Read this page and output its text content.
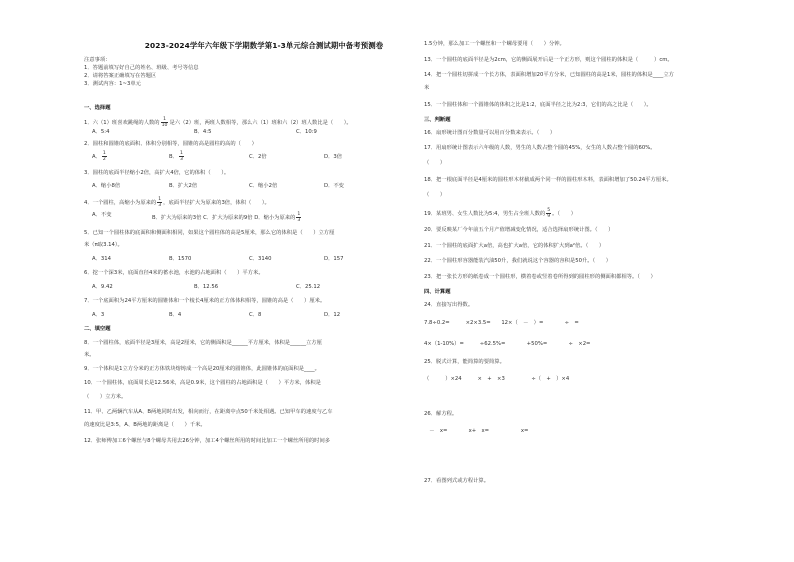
2023-2024学年六年级下学期数学第1-3单元综合测试期中备考预测卷
注意事项：
1．答题前填写好自己的姓名、班级、考号等信息
2．请将答案正确填写在答题区
3．测试内容：1~3单元
一、选择题
1．六（1）班喜欢跳绳的人数的 $\frac{1}{10}$ 是六（2）班，两班人数相等，那么六（1）班和六（2）班人数比是（　　）。
A．5:4	B．4:5	C．10:9
2．圆柱和圆锥的底面积、体积分别相等，圆锥的高是圆柱的高的（　　）
A． $\frac{1}{2}$	B． $\frac{1}{3}$	C．2倍	D．3倍
3．圆柱的底面半径缩小2倍，高扩大4倍，它的体积（　　）。
A．缩小8倍	B．扩大2倍	C．缩小2倍	D．不变
4．一个圆柱，高缩小为原来的 $\frac{1}{3}$ ，底面半径扩大为原来的3倍，体积（　　）。
A．不变	B．扩大为原来的3倍 C．扩大为原来的9倍 D．缩小为原来的 $\frac{1}{3}$
5．已知一个圆柱体的底面积和侧面积相同，如果这个圆柱体的高是5厘米，那么它的体积是（　　）立方厘
米（π取3.14）。
A．314	B．1570	C．3140	D．157
6．挖一个深3米，底面直径4米的蓄水池，水池的占地面积（　　）平方米。
A．9.42	B．12.56	C．25.12
7．一个底面积为24平方厘米的圆锥体和一个棱长4厘米的正方体体积相等，圆锥的高是（　　）厘米。
A．3	B．4	C．8	D．12
二、填空题
8．一个圆柱体，底面半径是3厘米，高是2厘米，它的侧面积是______平方厘米，体积是______立方厘
米。
9．一个体积是1立方分米的正方体铁块熔铸成一个高是20厘米的圆锥体，此圆锥体的底面积是____。
10．一个圆柱体，底面周长是12.56米，高是0.9米，这个圆柱的占地面积是（　　）平方米，体积是
（　　）立方米。
11．甲、乙两辆汽车从A、B两地同时出发，相向而行，在距离中点50千米处相遇。已知甲车的速度与乙车
的速度比是3:5，A、B两地的距离是（　　）千米。
12．张师傅加工6个螺丝与8个螺母共用去26分钟，加工4个螺丝所用的时间比加工一个螺丝所用的时间多
1.5分钟，那么加工一个螺丝和一个螺母要用（　　）分钟。
13．一个圆柱的底面半径是为2cm，它的侧面展开后是一个正方形，则这个圆柱的体积是（　　　）cm。
14．把一个圆柱切拼成一个长方体，表面积增加20平方分米，已知圆柱的高是1米，圆柱的体积是____立方
米
15．一个圆柱体和一个圆锥体的体积之比是1:2，底面半径之比为2:3，它们的高之比是（　　）。
三、判断题
16．扇形统计图百分数量可以用百分数来表示。（　　）
17．用扇形统计图表示六年级的人数，男生的人数占整个圆的45%，女生的人数占整个圆的60%。
（　　）
18．把一根底面半径是4厘米的圆柱形木材截成两个同一样的圆柱形木料，表面积增加了50.24平方厘米。
（　　）
19．某班男、女生人数比为5:4，男生占全班人数的 $\frac{5}{9}$ 。（　　）
20．要反映某厂今年前五个月产值增减变化情况，适合选择扇形统计图。（　　）
21．一个圆柱的底面扩大a倍，高也扩大a倍，它的体积扩大到a²倍。（　　）
22．一个圆柱形容器能装汽油50升，我们就说这个容器的容积是50升。（　　）
23．把一张长方形的纸卷成一个圆柱形，横着卷或竖着卷所得到的圆柱形的侧面积都相等。（　　）
四、计算题
24．直接写出得数。
7.8÷0.2=　　　×2×3.5=　　12×（　－　）=　　　　÷　=
4×（1-10%）=　　　÷62.5%=　　　　+50%=　　　　÷　×2=
25．脱式计算，能简算的要简算。
（　　　）×24　　　×　+　×3　　　　　÷（　+　）×4
26．解方程。
　－　x=　　　　x+　x=　　　　　　x=　
27．看图列式或方程计算。
